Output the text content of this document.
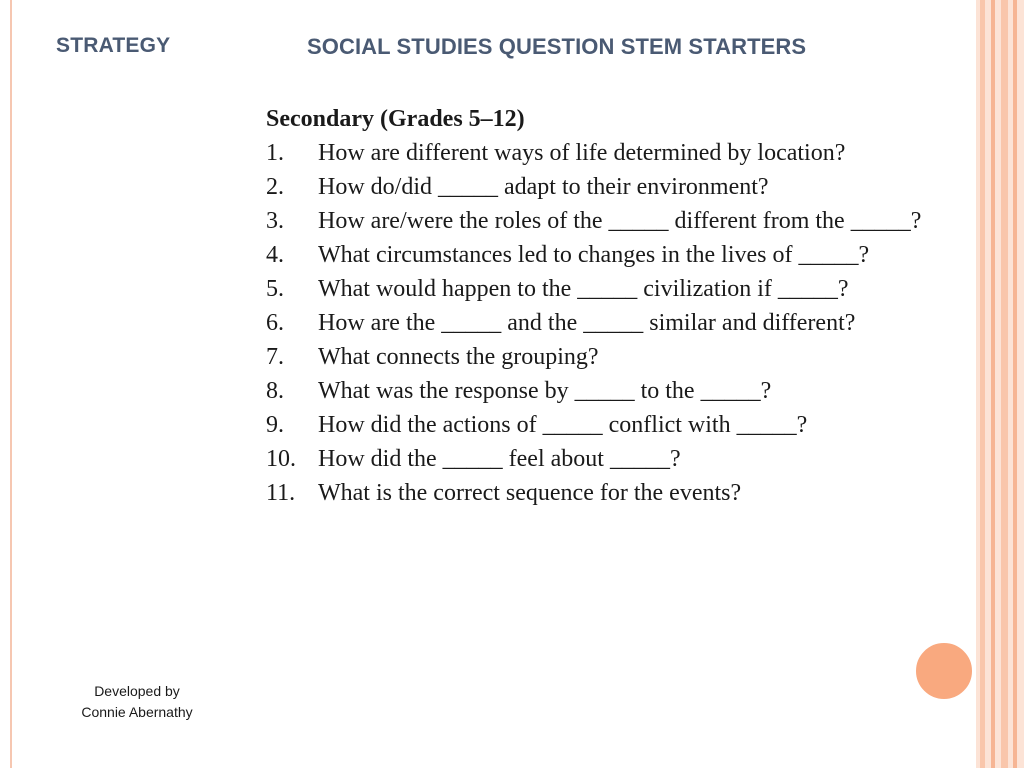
STRATEGY	SOCIAL STUDIES QUESTION STEM STARTERS

Secondary (Grades 5–12)

1.	How are different ways of life determined by location?
2.	How do/did _____ adapt to their environment?
3.	How are/were the roles of the _____ different from the _____?
4.	What circumstances led to changes in the lives of _____?
5.	What would happen to the _____ civilization if _____?
6.	How are the _____ and the _____ similar and different?
7.	What connects the grouping?
8.	What was the response by _____ to the _____?
9.	How did the actions of _____ conflict with _____?
10. How did the _____ feel about _____?
11. What is the correct sequence for the events?
Developed by
Connie Abernathy
